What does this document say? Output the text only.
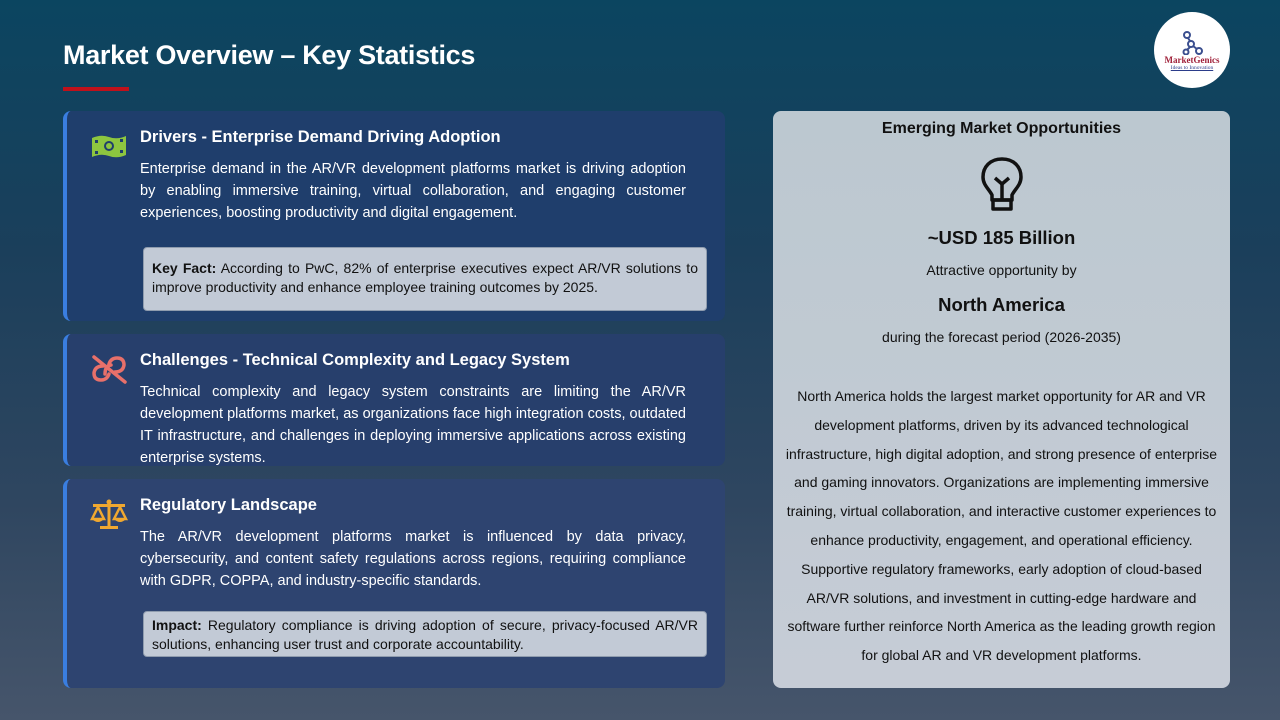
Market Overview – Key Statistics	MarketGenics
Ideas to Innovation
Drivers - Enterprise Demand Driving Adoption
Enterprise demand in the AR/VR development platforms market is driving adoption by enabling immersive training, virtual collaboration, and engaging customer experiences, boosting productivity and digital engagement.
Key Fact: According to PwC, 82% of enterprise executives expect AR/VR solutions to improve productivity and enhance employee training outcomes by 2025.
Challenges - Technical Complexity and Legacy System
Technical complexity and legacy system constraints are limiting the AR/VR development platforms market, as organizations face high integration costs, outdated IT infrastructure, and challenges in deploying immersive applications across existing enterprise systems.
Regulatory Landscape
The AR/VR development platforms market is influenced by data privacy, cybersecurity, and content safety regulations across regions, requiring compliance with GDPR, COPPA, and industry-specific standards.
Impact: Regulatory compliance is driving adoption of secure, privacy-focused AR/VR solutions, enhancing user trust and corporate accountability.
Emerging Market Opportunities
~USD 185 Billion
Attractive opportunity by
North America
during the forecast period (2026-2035)
North America holds the largest market opportunity for AR and VR development platforms, driven by its advanced technological infrastructure, high digital adoption, and strong presence of enterprise and gaming innovators. Organizations are implementing immersive training, virtual collaboration, and interactive customer experiences to enhance productivity, engagement, and operational efficiency. Supportive regulatory frameworks, early adoption of cloud-based AR/VR solutions, and investment in cutting-edge hardware and software further reinforce North America as the leading growth region for global AR and VR development platforms.
